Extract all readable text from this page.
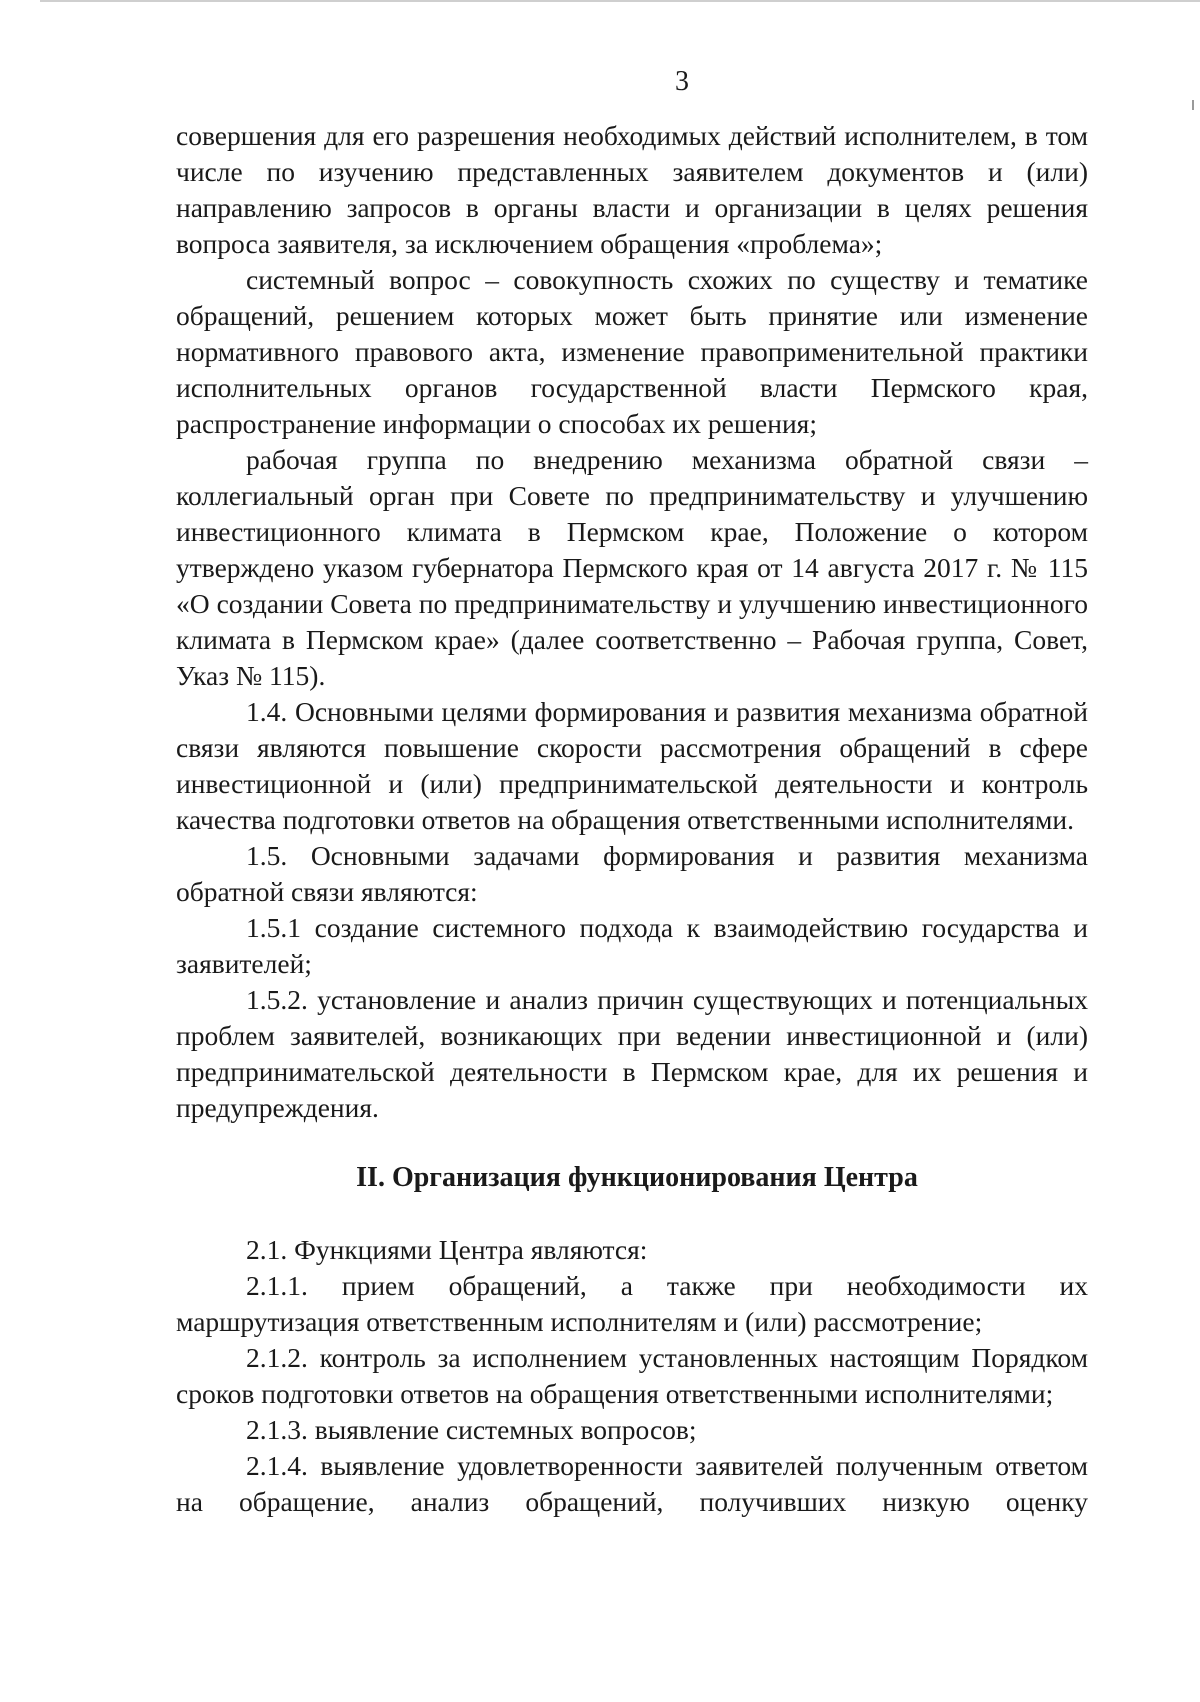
3

совершения для его разрешения необходимых действий исполнителем, в том числе по изучению представленных заявителем документов и (или) направлению запросов в органы власти и организации в целях решения вопроса заявителя, за исключением обращения «проблема»;

системный вопрос – совокупность схожих по существу и тематике обращений, решением которых может быть принятие или изменение нормативного правового акта, изменение правоприменительной практики исполнительных органов государственной власти Пермского края, распространение информации о способах их решения;

рабочая группа по внедрению механизма обратной связи – коллегиальный орган при Совете по предпринимательству и улучшению инвестиционного климата в Пермском крае, Положение о котором утверждено указом губернатора Пермского края от 14 августа 2017 г. № 115 «О создании Совета по предпринимательству и улучшению инвестиционного климата в Пермском крае» (далее соответственно – Рабочая группа, Совет, Указ № 115).

1.4. Основными целями формирования и развития механизма обратной связи являются повышение скорости рассмотрения обращений в сфере инвестиционной и (или) предпринимательской деятельности и контроль качества подготовки ответов на обращения ответственными исполнителями.

1.5. Основными задачами формирования и развития механизма обратной связи являются:

1.5.1 создание системного подхода к взаимодействию государства и заявителей;

1.5.2. установление и анализ причин существующих и потенциальных проблем заявителей, возникающих при ведении инвестиционной и (или) предпринимательской деятельности в Пермском крае, для их решения и предупреждения.

II. Организация функционирования Центра

2.1. Функциями Центра являются:

2.1.1. прием обращений, а также при необходимости их маршрутизация ответственным исполнителям и (или) рассмотрение;

2.1.2. контроль за исполнением установленных настоящим Порядком сроков подготовки ответов на обращения ответственными исполнителями;

2.1.3. выявление системных вопросов;

2.1.4. выявление удовлетворенности заявителей полученным ответом на обращение, анализ обращений, получивших низкую оценку
